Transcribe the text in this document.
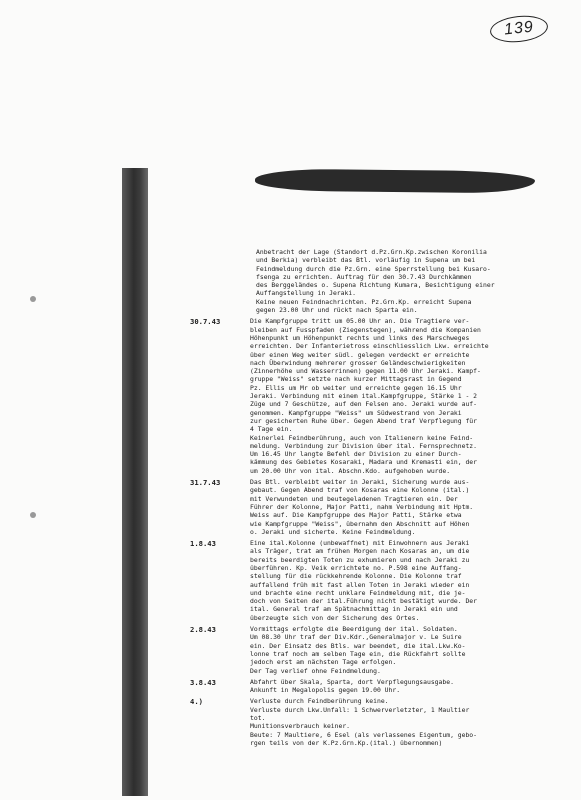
139
Anbetracht der Lage (Standort d.Pz.Grn.Kp.zwischen Koronilia
und Berkia) verbleibt das Btl. vorläufig in Supena um bei
Feindmeldung durch die Pz.Grn. eine Sperrstellung bei Kusaro-
fsenga zu errichten. Auftrag für den 30.7.43 Durchkämmen
des Berggeländes o. Supena Richtung Kumara, Besichtigung einer
Auffangstellung in Jeraki.
Keine neuen Feindnachrichten. Pz.Grn.Kp. erreicht Supena
gegen 23.00 Uhr und rückt nach Sparta ein.
30.7.43	Die Kampfgruppe tritt um 05.00 Uhr an. Die Tragtiere ver-
bleiben auf Fusspfaden (Ziegenstegen), während die Kompanien
Höhenpunkt um Höhenpunkt rechts und links des Marschweges
erreichten. Der Infanterietross einschliesslich Lkw. erreichte
über einen Weg weiter südl. gelegen verdeckt er erreichte
nach Überwindung mehrerer grosser Geländeschwierigkeiten
(Zinnerhöhe und Wasserrinnen) gegen 11.00 Uhr Jeraki. Kampf-
gruppe "Weiss" setzte nach kurzer Mittagsrast in Gegend
Pz. Ellis um Mr ob weiter und erreichte gegen 16.15 Uhr
Jeraki. Verbindung mit einem ital.Kampfgruppe, Stärke 1 - 2
Züge und 7 Geschütze, auf den Felsen ano. Jeraki wurde auf-
genommen. Kampfgruppe "Weiss" um Südwestrand von Jeraki
zur gesicherten Ruhe über. Gegen Abend traf Verpflegung für
4 Tage ein.
Keinerlei Feindberührung, auch von Italienern keine Feind-
meldung. Verbindung zur Division über ital. Fernsprechnetz.
Um 16.45 Uhr langte Befehl der Division zu einer Durch-
kämmung des Gebietes Kosaraki, Madara und Kremasti ein, der
um 20.00 Uhr von ital. Abschn.Kdo. aufgehoben wurde.
31.7.43	Das Btl. verbleibt weiter in Jeraki, Sicherung wurde aus-
gebaut. Gegen Abend traf von Kosaras eine Kolonne (ital.)
mit Verwundeten und beutegeladenen Tragtieren ein. Der
Führer der Kolonne, Major Patti, nahm Verbindung mit Hptm.
Weiss auf. Die Kampfgruppe des Major Patti, Stärke etwa
wie Kampfgruppe "Weiss", übernahm den Abschnitt auf Höhen
o. Jeraki und sicherte. Keine Feindmeldung.
1.8.43	Eine ital.Kolonne (unbewaffnet) mit Einwohnern aus Jeraki
als Träger, trat am frühen Morgen nach Kosaras an, um die
bereits beerdigten Toten zu exhumieren und nach Jeraki zu
überführen. Kp. Veik errichtete no. P.598 eine Auffang-
stellung für die rückkehrende Kolonne. Die Kolonne traf
auffallend früh mit fast allen Toten in Jeraki wieder ein
und brachte eine recht unklare Feindmeldung mit, die je-
doch von Seiten der ital.Führung nicht bestätigt wurde. Der
ital. General traf am Spätnachmittag in Jeraki ein und
überzeugte sich von der Sicherung des Ortes.
2.8.43	Vormittags erfolgte die Beerdigung der ital. Soldaten.
Um 08.30 Uhr traf der Div.Kdr.,Generalmajor v. Le Suire
ein. Der Einsatz des Btls. war beendet, die ital.Lkw.Ko-
lonne traf noch am selben Tage ein, die Rückfahrt sollte
jedoch erst am nächsten Tage erfolgen.
Der Tag verlief ohne Feindmeldung.
3.8.43	Abfahrt über Skala, Sparta, dort Verpflegungsausgabe.
Ankunft in Megalopolis gegen 19.00 Uhr.
4.)	Verluste durch Feindberührung keine.
Verluste durch Lkw.Unfall: 1 Schwerverletzter, 1 Maultier
tot.
Munitionsverbrauch keiner.
Beute: 7 Maultiere, 6 Esel (als verlassenes Eigentum, gebo-
rgen teils von der K.Pz.Grn.Kp.(ital.) übernommen)
